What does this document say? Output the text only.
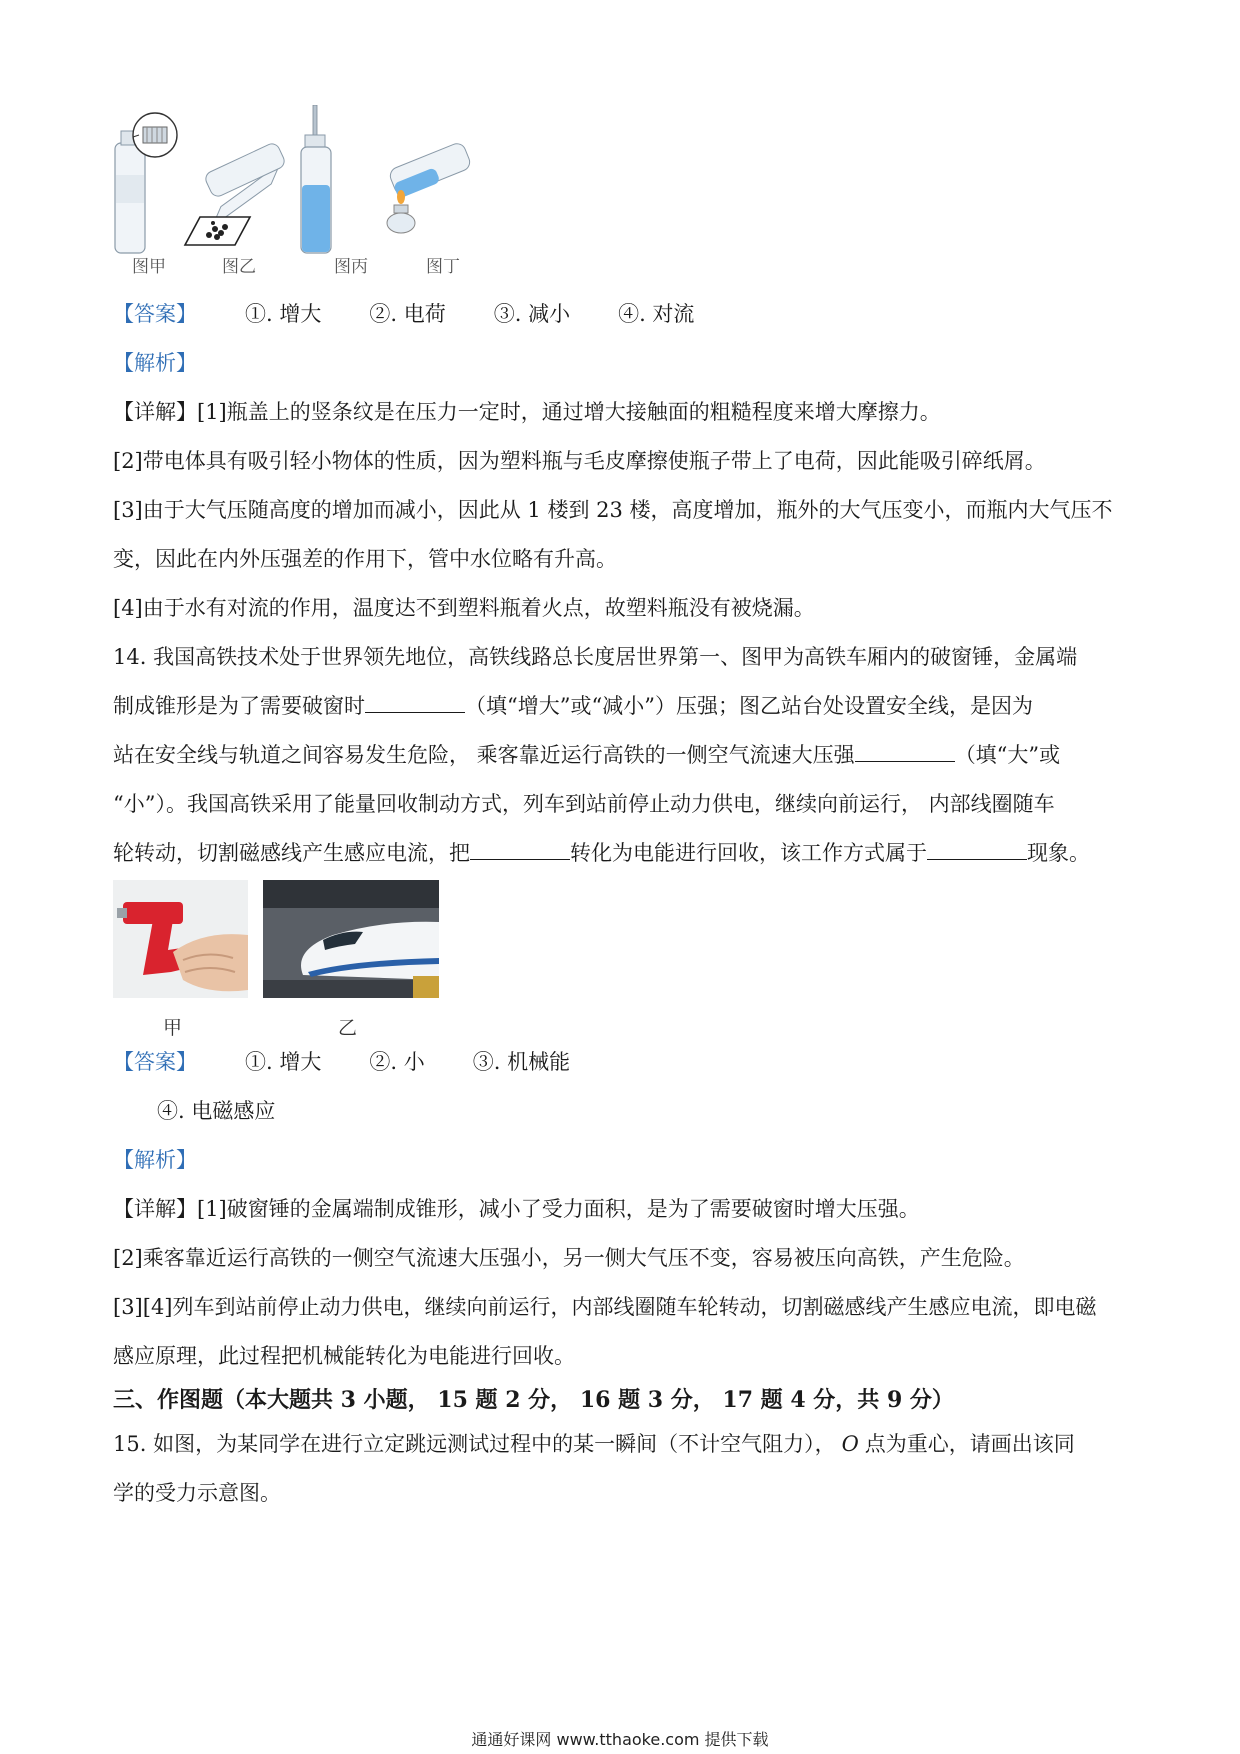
图甲	图乙	图丙	图丁
【答案】 ①. 增大 ②. 电荷 ③. 减小 ④. 对流
【解析】
【详解】[1]瓶盖上的竖条纹是在压力一定时，通过增大接触面的粗糙程度来增大摩擦力。
[2]带电体具有吸引轻小物体的性质，因为塑料瓶与毛皮摩擦使瓶子带上了电荷，因此能吸引碎纸屑。
[3]由于大气压随高度的增加而减小，因此从 1 楼到 23 楼，高度增加，瓶外的大气压变小，而瓶内大气压不
变，因此在内外压强差的作用下，管中水位略有升高。
[4]由于水有对流的作用，温度达不到塑料瓶着火点，故塑料瓶没有被烧漏。
14. 我国高铁技术处于世界领先地位，高铁线路总长度居世界第一、图甲为高铁车厢内的破窗锤，金属端
制成锥形是为了需要破窗时	（填“增大”或“减小”）压强；图乙站台处设置安全线，是因为
站在安全线与轨道之间容易发生危险， 乘客靠近运行高铁的一侧空气流速大压强	（填“大”或
“小”）。我国高铁采用了能量回收制动方式，列车到站前停止动力供电，继续向前运行， 内部线圈随车
轮转动，切割磁感线产生感应电流，把	转化为电能进行回收，该工作方式属于	现象。
甲	乙
【答案】 ①. 增大 ②. 小 ③. 机械能
④. 电磁感应
【解析】
【详解】[1]破窗锤的金属端制成锥形，减小了受力面积，是为了需要破窗时增大压强。
[2]乘客靠近运行高铁的一侧空气流速大压强小，另一侧大气压不变，容易被压向高铁，产生危险。
[3][4]列车到站前停止动力供电，继续向前运行，内部线圈随车轮转动，切割磁感线产生感应电流，即电磁
感应原理，此过程把机械能转化为电能进行回收。
三、作图题（本大题共 3 小题， 15 题 2 分， 16 题 3 分， 17 题 4 分，共 9 分）
15. 如图，为某同学在进行立定跳远测试过程中的某一瞬间（不计空气阻力）， O 点为重心，请画出该同
学的受力示意图。
通通好课网 www.tthaoke.com 提供下载
